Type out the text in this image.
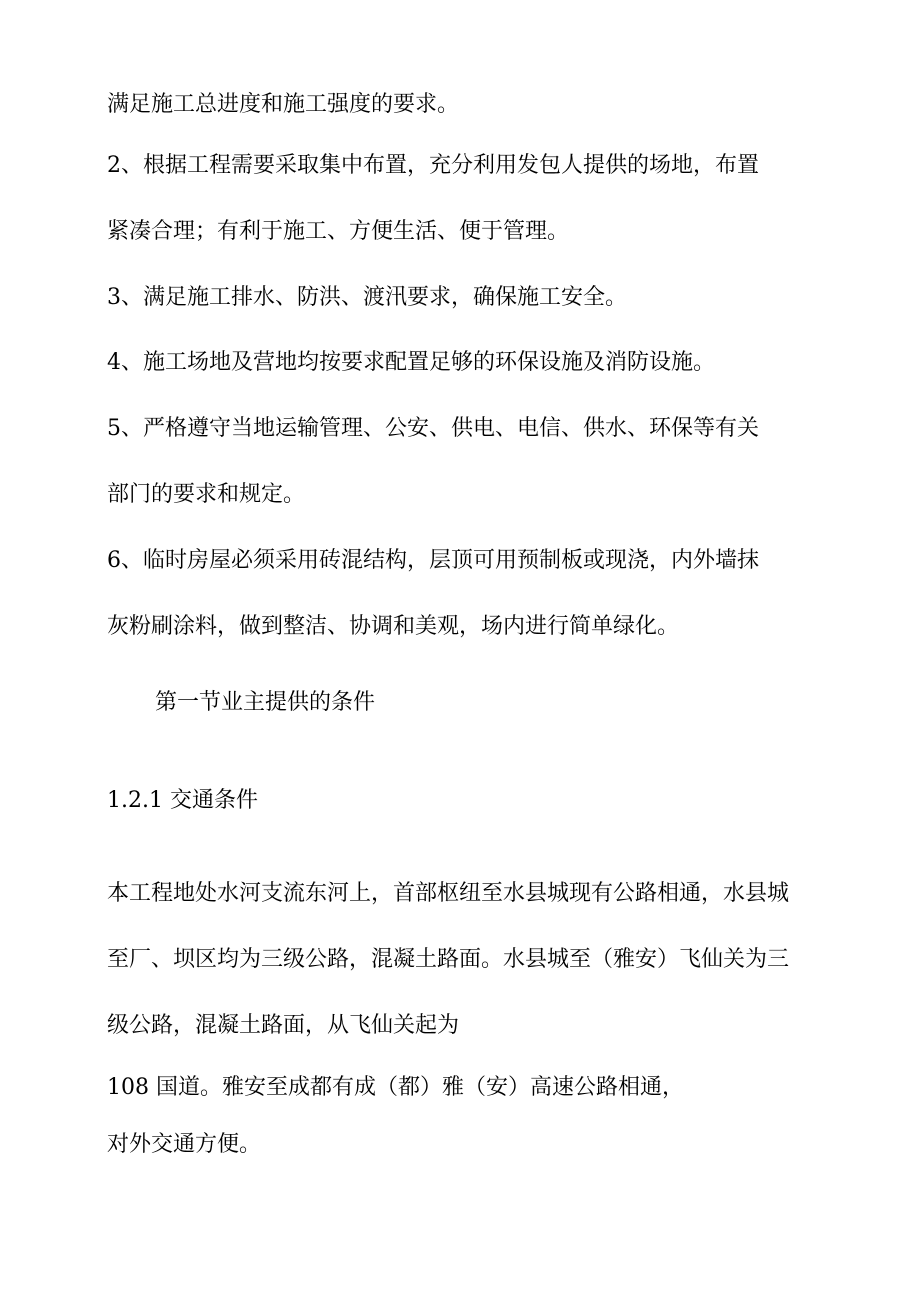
满足施工总进度和施工强度的要求。

2、根据工程需要采取集中布置，充分利用发包人提供的场地，布置

紧凑合理；有利于施工、方便生活、便于管理。

3、满足施工排水、防洪、渡汛要求，确保施工安全。

4、施工场地及营地均按要求配置足够的环保设施及消防设施。

5、严格遵守当地运输管理、公安、供电、电信、供水、环保等有关

部门的要求和规定。

6、临时房屋必须采用砖混结构，层顶可用预制板或现浇，内外墙抹

灰粉刷涂料，做到整洁、协调和美观，场内进行简单绿化。

第一节业主提供的条件
1.2.1 交通条件

本工程地处水河支流东河上，首部枢纽至水县城现有公路相通，水县城

至厂、坝区均为三级公路，混凝土路面。水县城至（雅安）飞仙关为三

级公路，混凝土路面，从飞仙关起为

108 国道。雅安至成都有成（都）雅（安）高速公路相通，

对外交通方便。
